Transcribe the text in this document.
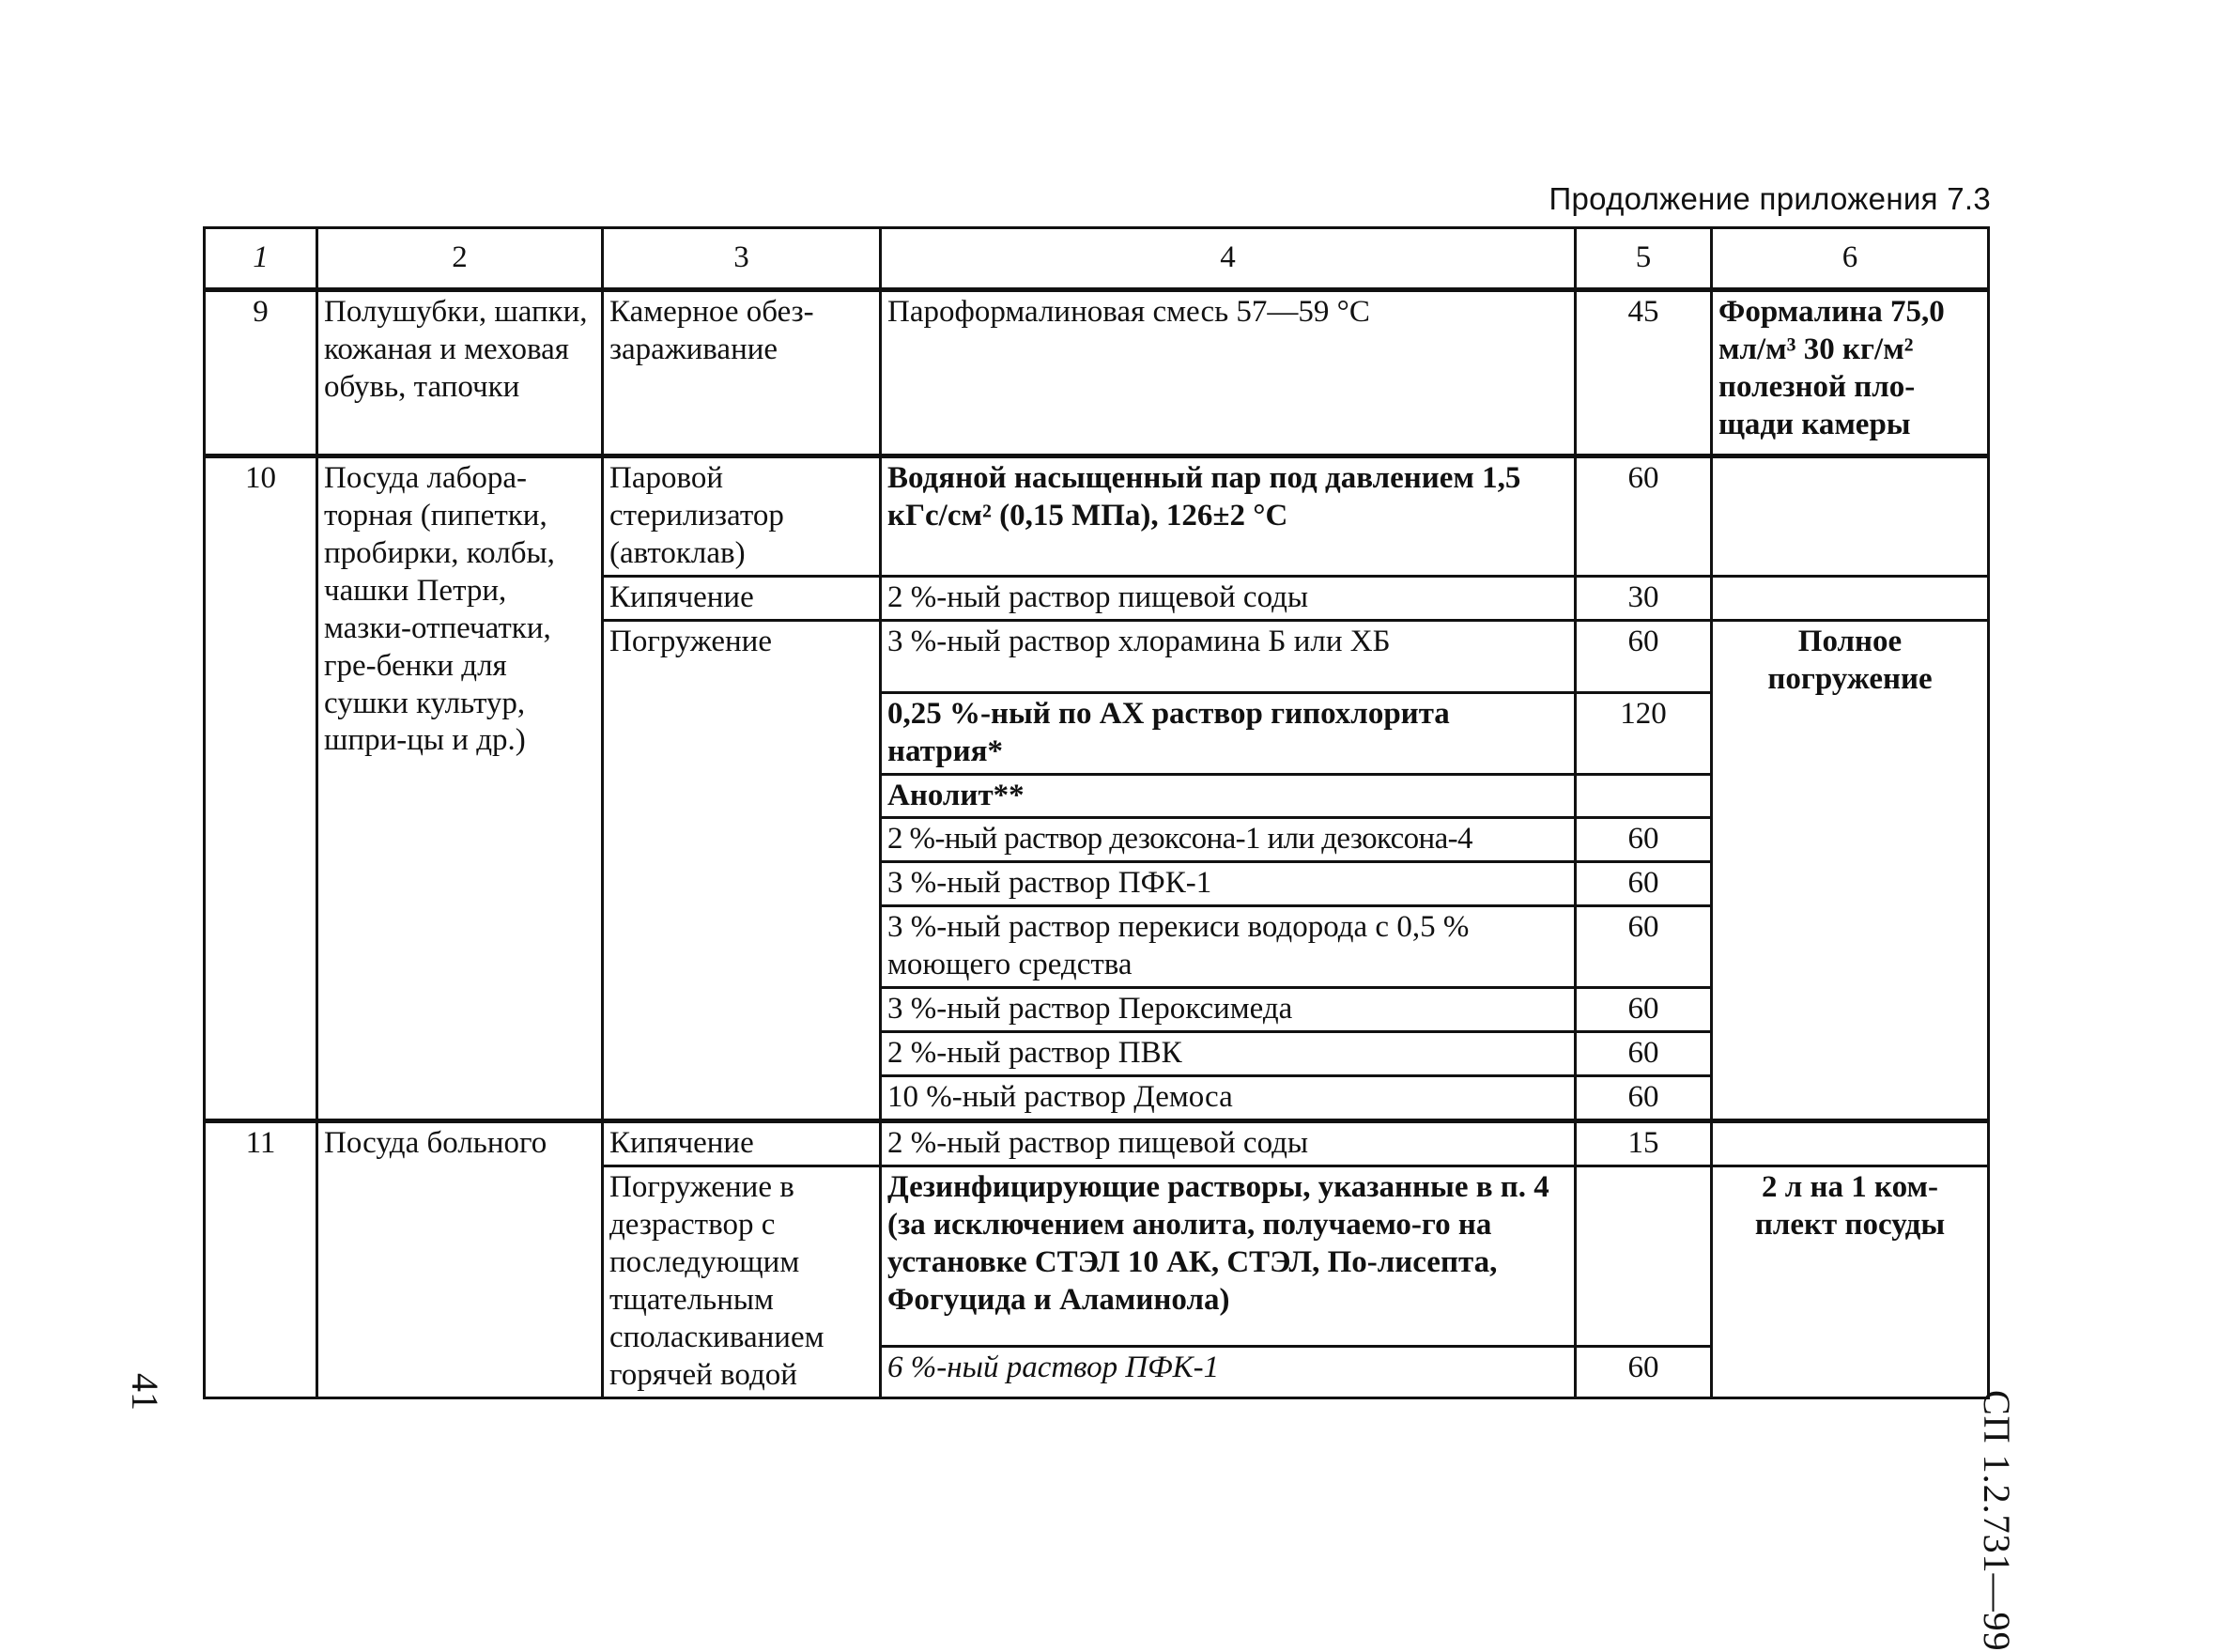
Продолжение приложения 7.3
1	2	3	4	5	6
9	Полушубки, шапки, кожаная и меховая обувь, тапочки	Камерное обез-зараживание	Пароформалиновая смесь 57—59 °С	45	Формалина 75,0 мл/м³ 30 кг/м² полезной пло-щади камеры
10	Посуда лабора-торная (пипетки, пробирки, колбы, чашки Петри, мазки-отпечатки, гре-бенки для сушки культур, шпри-цы и др.)	Паровой стерилизатор (автоклав)	Водяной насыщенный пар под давлением 1,5 кГс/см² (0,15 МПа), 126±2 °С	60	
		Кипячение	2 %-ный раствор пищевой соды	30	
		Погружение	3 %-ный раствор хлорамина Б или ХБ	60	Полное погружение
			0,25 %-ный по АХ раствор гипохлорита натрия*	120	
			Анолит**		
			2 %-ный раствор дезоксона-1 или дезоксона-4	60	
			3 %-ный раствор ПФК-1	60	
			3 %-ный раствор перекиси водорода с 0,5 % моющего средства	60	
			3 %-ный раствор Пероксимеда	60	
			2 %-ный раствор ПВК	60	
			10 %-ный раствор Демоса	60	
11	Посуда больного	Кипячение	2 %-ный раствор пищевой соды	15	
		Погружение в дезраствор с последующим тщательным споласкиванием горячей водой	Дезинфицирующие растворы, указанные в п. 4 (за исключением анолита, получаемо-го на установке СТЭЛ 10 АК, СТЭЛ, По-лисепта, Фогуцида и Аламинола)		2 л на 1 ком-плект посуды
			6 %-ный раствор ПФК-1	60	
СП 1.2.731—99
41
